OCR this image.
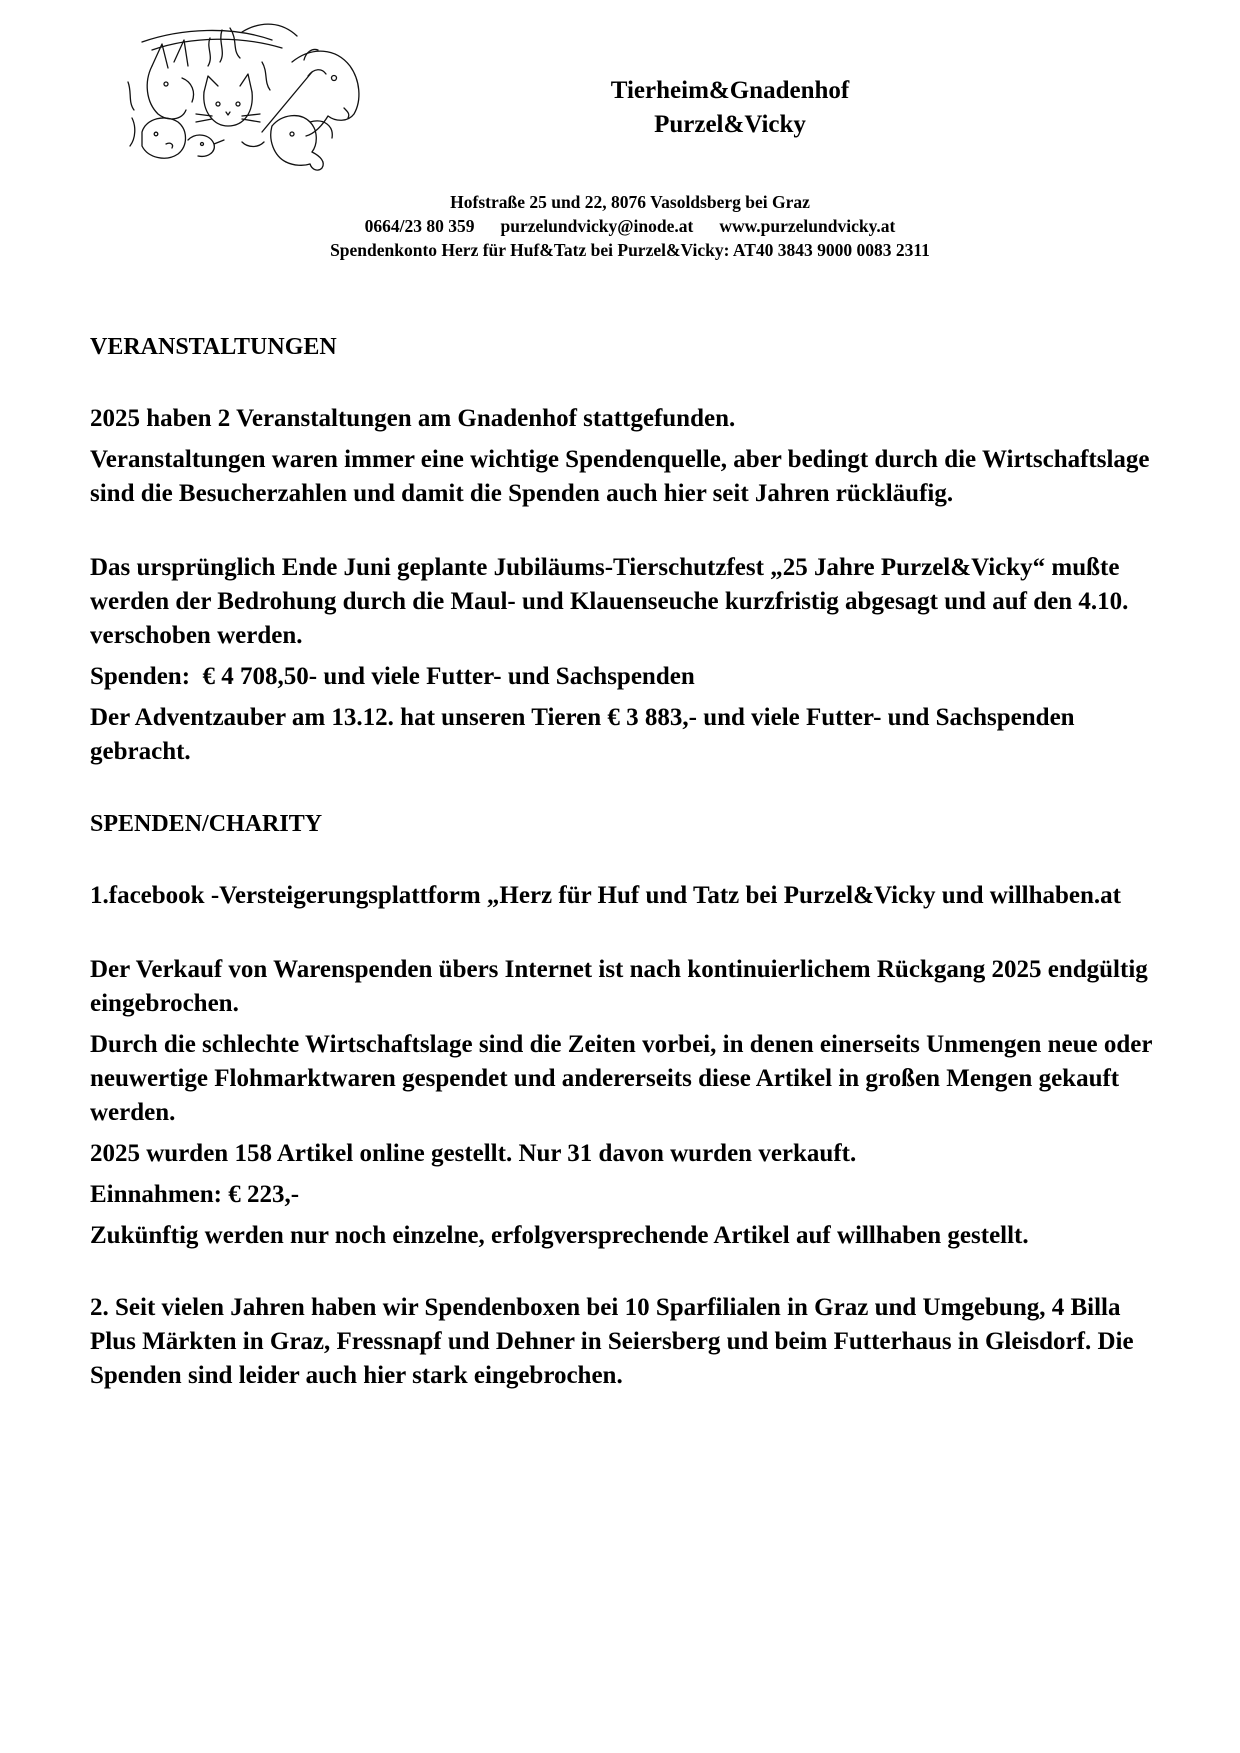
Tierheim&Gnadenhof
Purzel&Vicky
Hofstraße 25 und 22, 8076 Vasoldsberg bei Graz
0664/23 80 359 purzelundvicky@inode.at www.purzelundvicky.at
Spendenkonto Herz für Huf&Tatz bei Purzel&Vicky: AT40 3843 9000 0083 2311

VERANSTALTUNGEN

2025 haben 2 Veranstaltungen am Gnadenhof stattgefunden.

Veranstaltungen waren immer eine wichtige Spendenquelle, aber bedingt durch die Wirtschaftslage sind die Besucherzahlen und damit die Spenden auch hier seit Jahren rückläufig.

Das ursprünglich Ende Juni geplante Jubiläums-Tierschutzfest „25 Jahre Purzel&Vicky“ mußte werden der Bedrohung durch die Maul- und Klauenseuche kurzfristig abgesagt und auf den 4.10. verschoben werden.

Spenden:  € 4 708,50- und viele Futter- und Sachspenden

Der Adventzauber am 13.12. hat unseren Tieren € 3 883,- und viele Futter- und Sachspenden gebracht.

SPENDEN/CHARITY

1.facebook -Versteigerungsplattform „Herz für Huf und Tatz bei Purzel&Vicky und willhaben.at

Der Verkauf von Warenspenden übers Internet ist nach kontinuierlichem Rückgang 2025 endgültig eingebrochen.

Durch die schlechte Wirtschaftslage sind die Zeiten vorbei, in denen einerseits Unmengen neue oder neuwertige Flohmarktwaren gespendet und andererseits diese Artikel in großen Mengen gekauft werden.

2025 wurden 158 Artikel online gestellt. Nur 31 davon wurden verkauft.

Einnahmen: € 223,-

Zukünftig werden nur noch einzelne, erfolgversprechende Artikel auf willhaben gestellt.

2. Seit vielen Jahren haben wir Spendenboxen bei 10 Sparfilialen in Graz und Umgebung, 4 Billa Plus Märkten in Graz, Fressnapf und Dehner in Seiersberg und beim Futterhaus in Gleisdorf. Die Spenden sind leider auch hier stark eingebrochen.
